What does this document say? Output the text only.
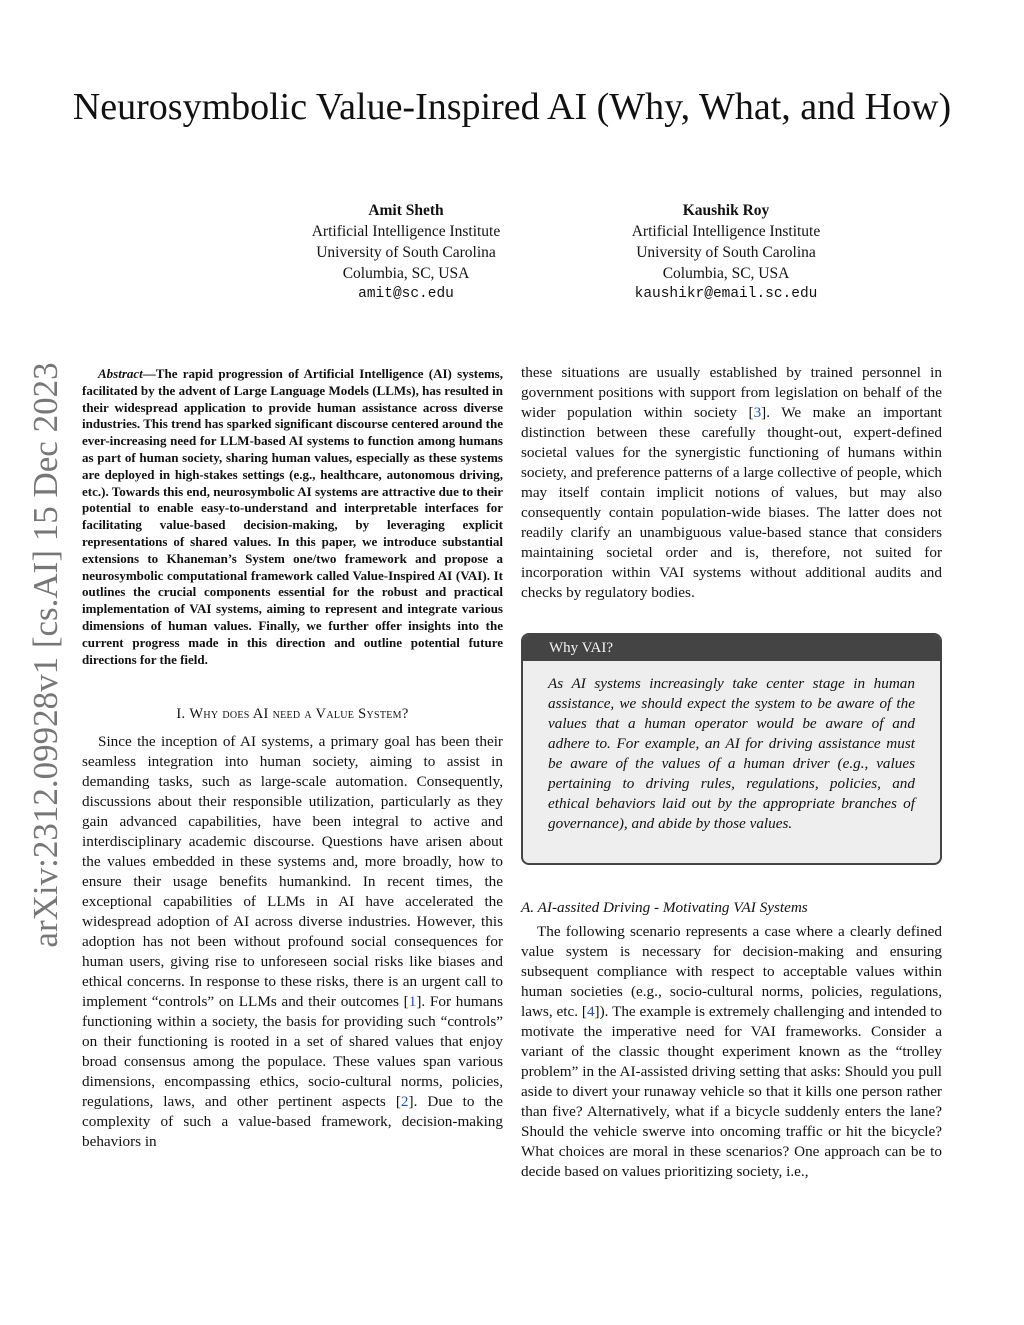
arXiv:2312.09928v1 [cs.AI] 15 Dec 2023
Neurosymbolic Value-Inspired AI (Why, What, and How)
Amit Sheth
Artificial Intelligence Institute
University of South Carolina
Columbia, SC, USA
amit@sc.edu
Kaushik Roy
Artificial Intelligence Institute
University of South Carolina
Columbia, SC, USA
kaushikr@email.sc.edu

Abstract—The rapid progression of Artificial Intelligence (AI) systems, facilitated by the advent of Large Language Models (LLMs), has resulted in their widespread application to provide human assistance across diverse industries. This trend has sparked significant discourse centered around the ever-increasing need for LLM-based AI systems to function among humans as part of human society, sharing human values, especially as these systems are deployed in high-stakes settings (e.g., healthcare, autonomous driving, etc.). Towards this end, neurosymbolic AI systems are attractive due to their potential to enable easy-to-understand and interpretable interfaces for facilitating value-based decision-making, by leveraging explicit representations of shared values. In this paper, we introduce substantial extensions to Khaneman’s System one/two framework and propose a neurosymbolic computational framework called Value-Inspired AI (VAI). It outlines the crucial components essential for the robust and practical implementation of VAI systems, aiming to represent and integrate various dimensions of human values. Finally, we further offer insights into the current progress made in this direction and outline potential future directions for the field.

I. Why does AI need a Value System?

Since the inception of AI systems, a primary goal has been their seamless integration into human society, aiming to assist in demanding tasks, such as large-scale automation. Consequently, discussions about their responsible utilization, particularly as they gain advanced capabilities, have been integral to active and interdisciplinary academic discourse. Questions have arisen about the values embedded in these systems and, more broadly, how to ensure their usage benefits humankind. In recent times, the exceptional capabilities of LLMs in AI have accelerated the widespread adoption of AI across diverse industries. However, this adoption has not been without profound social consequences for human users, giving rise to unforeseen social risks like biases and ethical concerns. In response to these risks, there is an urgent call to implement “controls” on LLMs and their outcomes [1]. For humans functioning within a society, the basis for providing such “controls” on their functioning is rooted in a set of shared values that enjoy broad consensus among the populace. These values span various dimensions, encompassing ethics, socio-cultural norms, policies, regulations, laws, and other pertinent aspects [2]. Due to the complexity of such a value-based framework, decision-making behaviors in

these situations are usually established by trained personnel in government positions with support from legislation on behalf of the wider population within society [3]. We make an important distinction between these carefully thought-out, expert-defined societal values for the synergistic functioning of humans within society, and preference patterns of a large collective of people, which may itself contain implicit notions of values, but may also consequently contain population-wide biases. The latter does not readily clarify an unambiguous value-based stance that considers maintaining societal order and is, therefore, not suited for incorporation within VAI systems without additional audits and checks by regulatory bodies.

Why VAI?
As AI systems increasingly take center stage in human assistance, we should expect the system to be aware of the values that a human operator would be aware of and adhere to. For example, an AI for driving assistance must be aware of the values of a human driver (e.g., values pertaining to driving rules, regulations, policies, and ethical behaviors laid out by the appropriate branches of governance), and abide by those values.
A. AI-assited Driving - Motivating VAI Systems

The following scenario represents a case where a clearly defined value system is necessary for decision-making and ensuring subsequent compliance with respect to acceptable values within human societies (e.g., socio-cultural norms, policies, regulations, laws, etc. [4]). The example is extremely challenging and intended to motivate the imperative need for VAI frameworks. Consider a variant of the classic thought experiment known as the “trolley problem” in the AI-assisted driving setting that asks: Should you pull aside to divert your runaway vehicle so that it kills one person rather than five? Alternatively, what if a bicycle suddenly enters the lane? Should the vehicle swerve into oncoming traffic or hit the bicycle? What choices are moral in these scenarios? One approach can be to decide based on values prioritizing society, i.e.,
